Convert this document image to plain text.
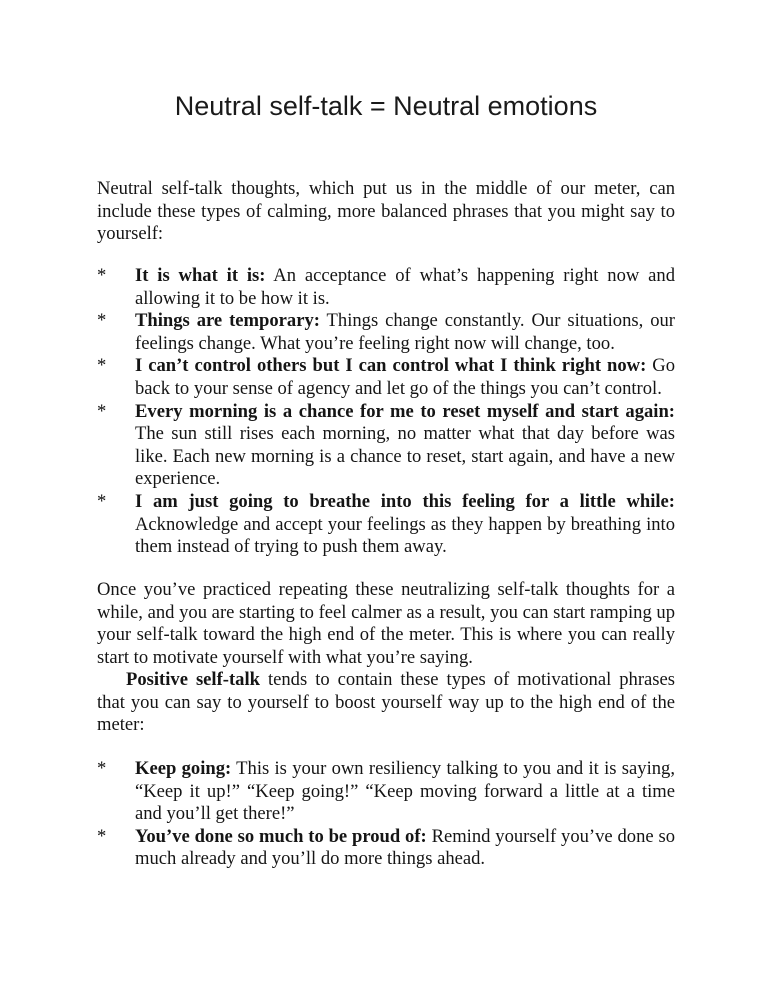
Neutral self-talk = Neutral emotions

Neutral self-talk thoughts, which put us in the middle of our meter, can include these types of calming, more balanced phrases that you might say to yourself:

*	It is what it is: An acceptance of what’s happening right now and allowing it to be how it is.
*	Things are temporary: Things change constantly. Our situations, our feelings change. What you’re feeling right now will change, too.
*	I can’t control others but I can control what I think right now: Go back to your sense of agency and let go of the things you can’t control.
*	Every morning is a chance for me to reset myself and start again: The sun still rises each morning, no matter what that day before was like. Each new morning is a chance to reset, start again, and have a new experience.
*	I am just going to breathe into this feeling for a little while: Acknowledge and accept your feelings as they happen by breathing into them instead of trying to push them away.

Once you’ve practiced repeating these neutralizing self-talk thoughts for a while, and you are starting to feel calmer as a result, you can start ramping up your self-talk toward the high end of the meter. This is where you can really start to motivate yourself with what you’re saying.

Positive self-talk tends to contain these types of motivational phrases that you can say to yourself to boost yourself way up to the high end of the meter:

*	Keep going: This is your own resiliency talking to you and it is saying, “Keep it up!” “Keep going!” “Keep moving forward a little at a time and you’ll get there!”
*	You’ve done so much to be proud of: Remind yourself you’ve done so much already and you’ll do more things ahead.
